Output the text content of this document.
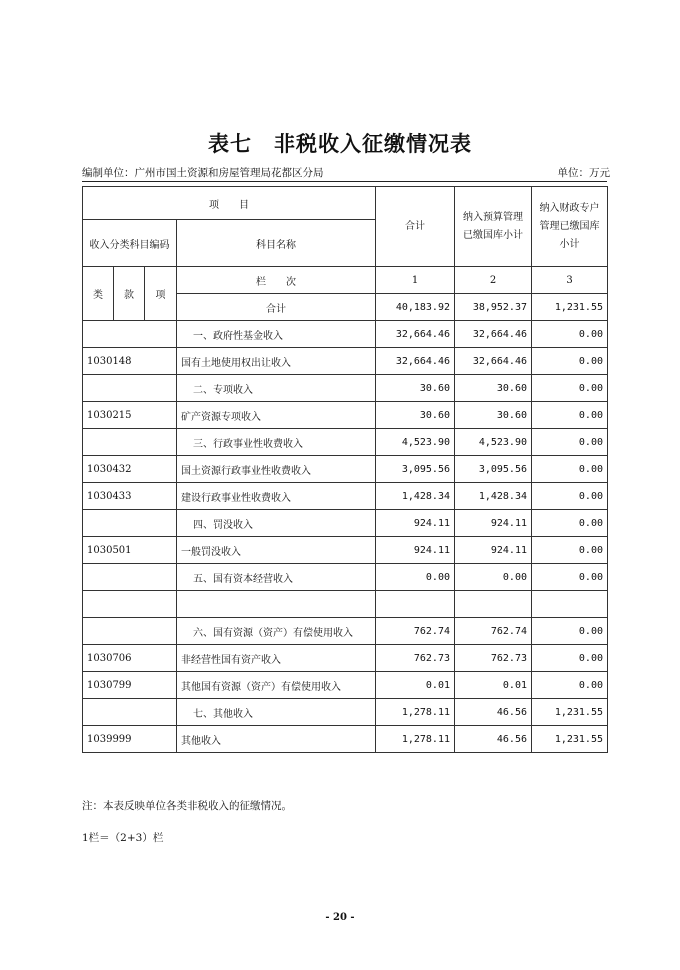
表七　非税收入征缴情况表
编制单位：广州市国土资源和房屋管理局花都区分局	单位：万元
项　　目				合计	纳入预算管理已缴国库小计	纳入财政专户管理已缴国库小计
收入分类科目编码			科目名称			
类	款	项	栏　　次	1	2	3
			合计	40,183.92	38,952.37	1,231.55
			一、政府性基金收入	32,664.46	32,664.46	0.00
1030148			国有土地使用权出让收入	32,664.46	32,664.46	0.00
			二、专项收入	30.60	30.60	0.00
1030215			矿产资源专项收入	30.60	30.60	0.00
			三、行政事业性收费收入	4,523.90	4,523.90	0.00
1030432			国土资源行政事业性收费收入	3,095.56	3,095.56	0.00
1030433			建设行政事业性收费收入	1,428.34	1,428.34	0.00
			四、罚没收入	924.11	924.11	0.00
1030501			一般罚没收入	924.11	924.11	0.00
			五、国有资本经营收入	0.00	0.00	0.00

			六、国有资源（资产）有偿使用收入	762.74	762.74	0.00
1030706			非经营性国有资产收入	762.73	762.73	0.00
1030799			其他国有资源（资产）有偿使用收入	0.01	0.01	0.00
			七、其他收入	1,278.11	46.56	1,231.55
1039999			其他收入	1,278.11	46.56	1,231.55
注：本表反映单位各类非税收入的征缴情况。
1栏＝（2+3）栏
- 20 -
